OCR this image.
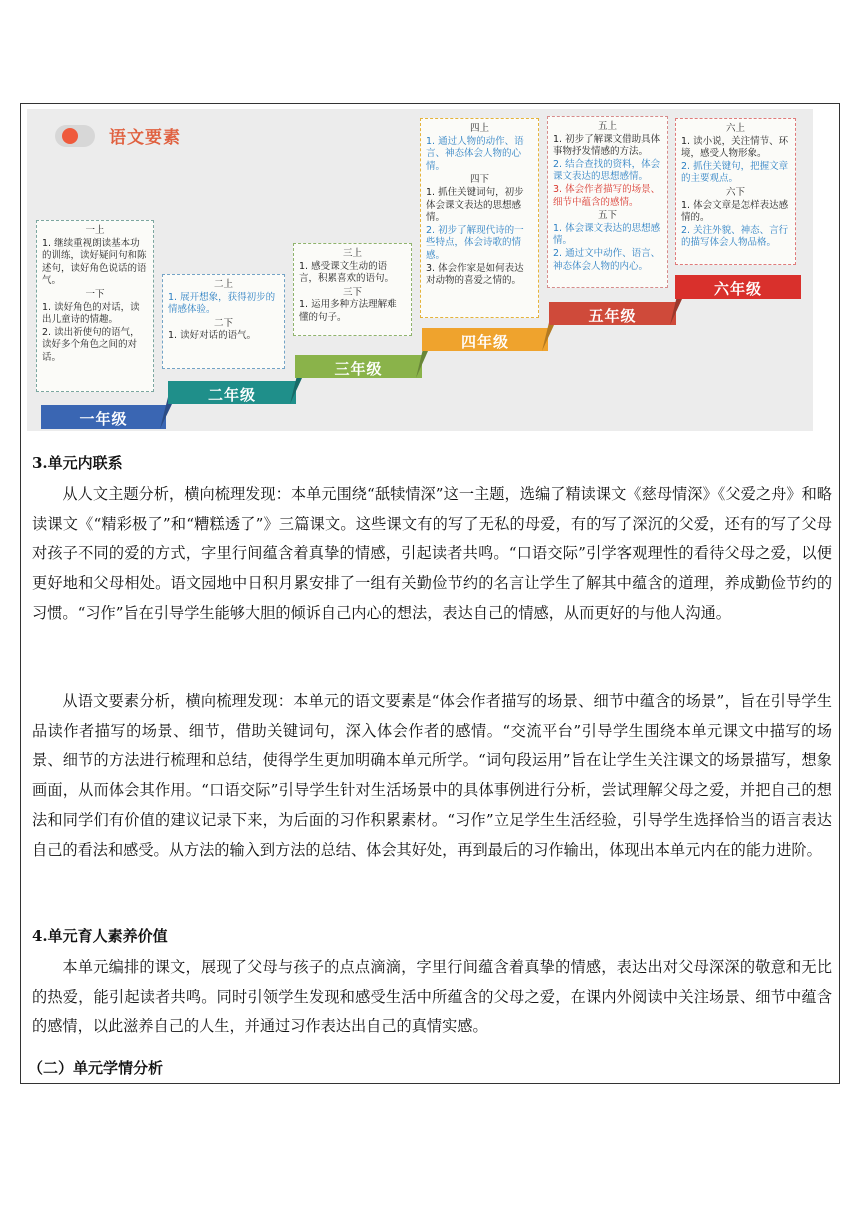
语文要素
一上
1. 继续重视朗读基本功的训练，读好疑问句和陈述句，读好角色说话的语气。
一下
1. 读好角色的对话，读出儿童诗的情趣。
2. 读出祈使句的语气，读好多个角色之间的对话。
二上
1. 展开想象，获得初步的情感体验。
二下
1. 读好对话的语气。
三上
1. 感受课文生动的语言，积累喜欢的语句。
三下
1. 运用多种方法理解难懂的句子。
四上
1. 通过人物的动作、语言、神态体会人物的心情。
四下
1. 抓住关键词句，初步体会课文表达的思想感情。
2. 初步了解现代诗的一些特点，体会诗歌的情感。
3. 体会作家是如何表达对动物的喜爱之情的。
五上
1. 初步了解课文借助具体事物抒发情感的方法。
2. 结合查找的资料，体会课文表达的思想感情。
3. 体会作者描写的场景、细节中蕴含的感情。
五下
1. 体会课文表达的思想感情。
2. 通过文中动作、语言、神态体会人物的内心。
六上
1. 读小说，关注情节、环境，感受人物形象。
2. 抓住关键句，把握文章的主要观点。
六下
1. 体会文章是怎样表达感情的。
2. 关注外貌、神态、言行的描写体会人物品格。
一年级
二年级
三年级
四年级
五年级
六年级
3.单元内联系
从人文主题分析，横向梳理发现：本单元围绕“舐犊情深”这一主题，选编了精读课文《慈母情深》《父爱之舟》和略读课文《“精彩极了”和“糟糕透了”》三篇课文。这些课文有的写了无私的母爱，有的写了深沉的父爱，还有的写了父母对孩子不同的爱的方式，字里行间蕴含着真挚的情感，引起读者共鸣。“口语交际”引学客观理性的看待父母之爱，以便更好地和父母相处。语文园地中日积月累安排了一组有关勤俭节约的名言让学生了解其中蕴含的道理，养成勤俭节约的习惯。“习作”旨在引导学生能够大胆的倾诉自己内心的想法，表达自己的情感，从而更好的与他人沟通。
从语文要素分析，横向梳理发现：本单元的语文要素是“体会作者描写的场景、细节中蕴含的场景”，旨在引导学生品读作者描写的场景、细节，借助关键词句，深入体会作者的感情。“交流平台”引导学生围绕本单元课文中描写的场景、细节的方法进行梳理和总结，使得学生更加明确本单元所学。“词句段运用”旨在让学生关注课文的场景描写，想象画面，从而体会其作用。“口语交际”引导学生针对生活场景中的具体事例进行分析，尝试理解父母之爱，并把自己的想法和同学们有价值的建议记录下来，为后面的习作积累素材。“习作”立足学生生活经验，引导学生选择恰当的语言表达自己的看法和感受。从方法的输入到方法的总结、体会其好处，再到最后的习作输出，体现出本单元内在的能力进阶。
4.单元育人素养价值
本单元编排的课文，展现了父母与孩子的点点滴滴，字里行间蕴含着真挚的情感，表达出对父母深深的敬意和无比的热爱，能引起读者共鸣。同时引领学生发现和感受生活中所蕴含的父母之爱，在课内外阅读中关注场景、细节中蕴含的感情，以此滋养自己的人生，并通过习作表达出自己的真情实感。
（二）单元学情分析
